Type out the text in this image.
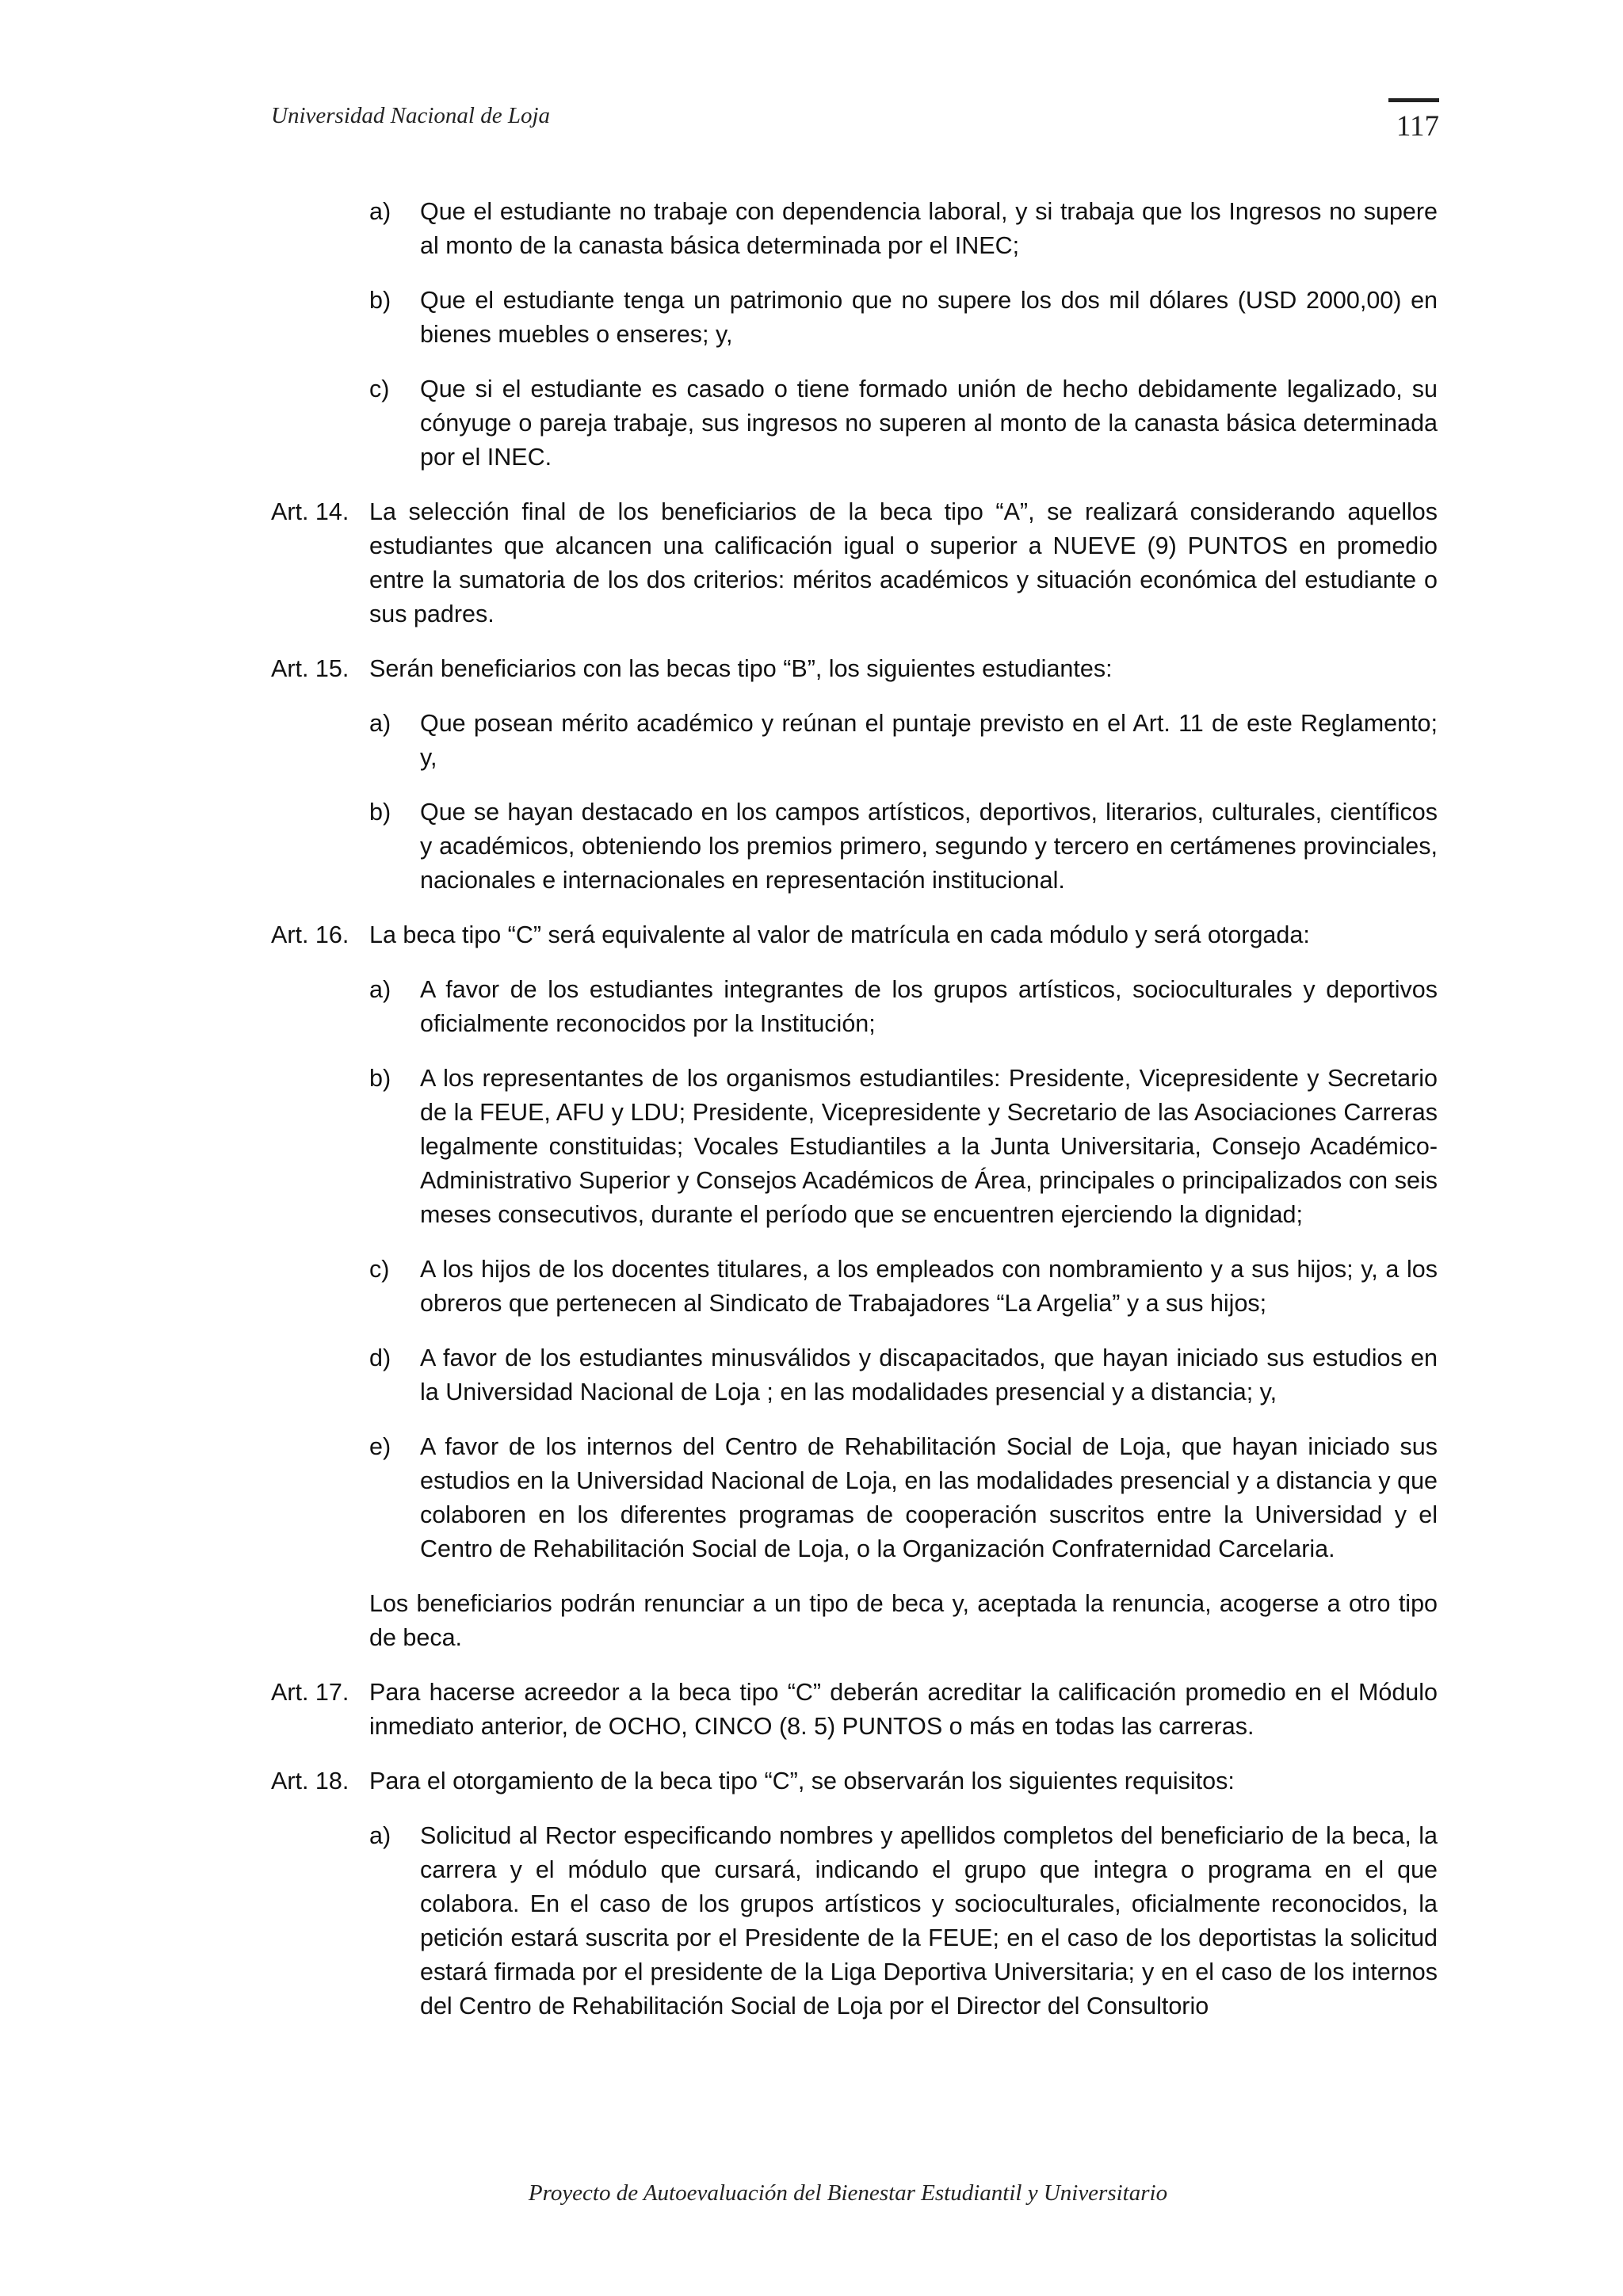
Universidad Nacional de Loja	117
a) Que el estudiante no trabaje con dependencia laboral, y si trabaja que los Ingresos no supere al monto de la canasta básica determinada por el INEC;
b) Que el estudiante tenga un patrimonio que no supere los dos mil dólares (USD 2000,00) en bienes muebles o enseres; y,
c) Que si el estudiante es casado o tiene formado unión de hecho debidamente legalizado, su cónyuge o pareja trabaje, sus ingresos no superen al monto de la canasta básica determinada por el INEC.
Art. 14. La selección final de los beneficiarios de la beca tipo “A”, se realizará considerando aquellos estudiantes que alcancen una calificación igual o superior a NUEVE (9) PUNTOS en promedio entre la sumatoria de los dos criterios: méritos académicos y situación económica del estudiante o sus padres.
Art. 15. Serán beneficiarios con las becas tipo “B”, los siguientes estudiantes:
a) Que posean mérito académico y reúnan el puntaje previsto en el Art. 11 de este Reglamento; y,
b) Que se hayan destacado en los campos artísticos, deportivos, literarios, culturales, científicos y académicos, obteniendo los premios primero, segundo y tercero en certámenes provinciales, nacionales e internacionales en representación institucional.
Art. 16. La beca tipo “C” será equivalente al valor de matrícula en cada módulo y será otorgada:
a) A favor de los estudiantes integrantes de los grupos artísticos, socioculturales y deportivos oficialmente reconocidos por la Institución;
b) A los representantes de los organismos estudiantiles: Presidente, Vicepresidente y Secretario de la FEUE, AFU y LDU; Presidente, Vicepresidente y Secretario de las Asociaciones Carreras legalmente constituidas; Vocales Estudiantiles a la Junta Universitaria, Consejo Académico-Administrativo Superior y Consejos Académicos de Área, principales o principalizados con seis meses consecutivos, durante el período que se encuentren ejerciendo la dignidad;
c) A los hijos de los docentes titulares, a los empleados con nombramiento y a sus hijos; y, a los obreros que pertenecen al Sindicato de Trabajadores “La Argelia” y a sus hijos;
d) A favor de los estudiantes minusválidos y discapacitados, que hayan iniciado sus estudios en la Universidad Nacional de Loja ; en las modalidades presencial y a distancia; y,
e) A favor de los internos del Centro de Rehabilitación Social de Loja, que hayan iniciado sus estudios en la Universidad Nacional de Loja, en las modalidades presencial y a distancia y que colaboren en los diferentes programas de cooperación suscritos entre la Universidad y el Centro de Rehabilitación Social de Loja, o la Organización Confraternidad Carcelaria.
Los beneficiarios podrán renunciar a un tipo de beca y, aceptada la renuncia, acogerse a otro tipo de beca.
Art. 17. Para hacerse acreedor a la beca tipo “C” deberán acreditar la calificación promedio en el Módulo inmediato anterior, de OCHO, CINCO (8. 5) PUNTOS o más en todas las carreras.
Art. 18. Para el otorgamiento de la beca tipo “C”, se observarán los siguientes requisitos:
a) Solicitud al Rector especificando nombres y apellidos completos del beneficiario de la beca, la carrera y el módulo que cursará, indicando el grupo que integra o programa en el que colabora. En el caso de los grupos artísticos y socioculturales, oficialmente reconocidos, la petición estará suscrita por el Presidente de la FEUE; en el caso de los deportistas la solicitud estará firmada por el presidente de la Liga Deportiva Universitaria; y en el caso de los internos del Centro de Rehabilitación Social de Loja por el Director del Consultorio
Proyecto de Autoevaluación del Bienestar Estudiantil y Universitario
